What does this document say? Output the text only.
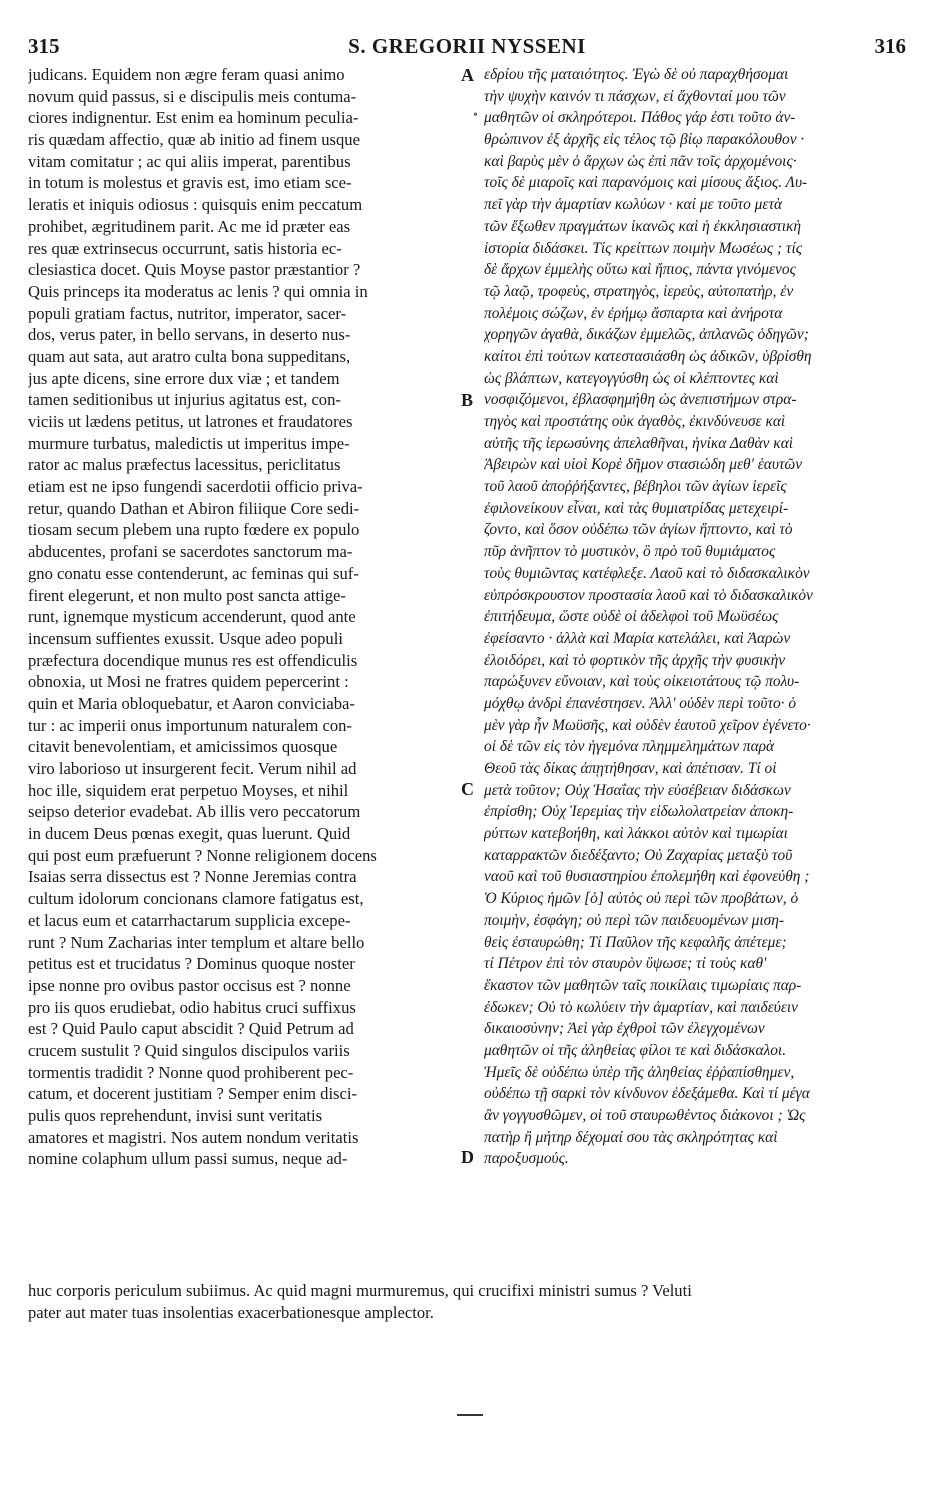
315	S. GREGORII NYSSENI	316
judicans. Equidem non ægre feram quasi animo
novum quid passus, si e discipulis meis contuma-
ciores indignentur. Est enim ea hominum peculia-
ris quædam affectio, quæ ab initio ad finem usque
vitam comitatur ; ac qui aliis imperat, parentibus
in totum is molestus et gravis est, imo etiam sce-
leratis et iniquis odiosus : quisquis enim peccatum
prohibet, ægritudinem parit. Ac me id præter eas
res quæ extrinsecus occurrunt, satis historia ec-
clesiastica docet. Quis Moyse pastor præstantior ?
Quis princeps ita moderatus ac lenis ? qui omnia in
populi gratiam factus, nutritor, imperator, sacer-
dos, verus pater, in bello servans, in deserto nus-
quam aut sata, aut aratro culta bona suppeditans,
jus apte dicens, sine errore dux viæ ; et tandem
tamen seditionibus ut injurius agitatus est, con-
viciis ut lædens petitus, ut latrones et fraudatores
murmure turbatus, maledictis ut imperitus impe-
rator ac malus præfectus lacessitus, periclitatus
etiam est ne ipso fungendi sacerdotii officio priva-
retur, quando Dathan et Abiron filiique Core sedi-
tiosam secum plebem una rupto fœdere ex populo
abducentes, profani se sacerdotes sanctorum ma-
gno conatu esse contenderunt, ac feminas qui suf-
firent elegerunt, et non multo post sancta attige-
runt, ignemque mysticum accenderunt, quod ante
incensum suffientes exussit. Usque adeo populi
præfectura docendique munus res est offendiculis
obnoxia, ut Mosi ne fratres quidem pepercerint :
quin et Maria obloquebatur, et Aaron conviciaba-
tur : ac imperii onus importunum naturalem con-
citavit benevolentiam, et amicissimos quosque
viro laborioso ut insurgerent fecit. Verum nihil ad
hoc ille, siquidem erat perpetuo Moyses, et nihil
seipso deterior evadebat. Ab illis vero peccatorum
in ducem Deus pœnas exegit, quas luerunt. Quid
qui post eum præfuerunt ? Nonne religionem docens
Isaias serra dissectus est ? Nonne Jeremias contra
cultum idolorum concionans clamore fatigatus est,
et lacus eum et catarrhactarum supplicia excepe-
runt ? Num Zacharias inter templum et altare bello
petitus est et trucidatus ? Dominus quoque noster
ipse nonne pro ovibus pastor occisus est ? nonne
pro iis quos erudiebat, odio habitus cruci suffixus
est ? Quid Paulo caput abscidit ? Quid Petrum ad
crucem sustulit ? Quid singulos discipulos variis
tormentis tradidit ? Nonne quod prohiberent pec-
catum, et docerent justitiam ? Semper enim disci-
pulis quos reprehendunt, invisi sunt veritatis
amatores et magistri. Nos autem nondum veritatis
nomine colaphum ullum passi sumus, neque ad-
εδρίου τῆς ματαιότητος. Ἐγὼ δὲ οὐ παραχθήσομαι
τὴν ψυχὴν καινόν τι πάσχων, εἰ ἄχθονταί μου τῶν
μαθητῶν οἱ σκληρότεροι. Πάθος γάρ ἐστι τοῦτο ἀν-
θρώπινον ἐξ ἀρχῆς εἰς τέλος τῷ βίῳ παρακόλουθον ·
καὶ βαρὺς μὲν ὁ ἄρχων ὡς ἐπὶ πᾶν τοῖς ἀρχομένοις·
τοῖς δὲ μιαροῖς καὶ παρανόμοις καὶ μίσους ἄξιος. Λυ-
πεῖ γὰρ τὴν ἁμαρτίαν κωλύων · καί με τοῦτο μετὰ
τῶν ἔξωθεν πραγμάτων ἱκανῶς καὶ ἡ ἐκκλησιαστικὴ
ἱστορία διδάσκει. Τίς κρείττων ποιμὴν Μωσέως ; τίς
δὲ ἄρχων ἐμμελὴς οὕτω καὶ ἤπιος, πάντα γινόμενος
τῷ λαῷ, τροφεὺς, στρατηγὸς, ἱερεὺς, αὐτοπατὴρ, ἐν
πολέμοις σώζων, ἐν ἐρήμῳ ἄσπαρτα καὶ ἀνήροτα
χορηγῶν ἀγαθὰ, δικάζων ἐμμελῶς, ἀπλανῶς ὁδηγῶν;
καίτοι ἐπὶ τούτων κατεστασιάσθη ὡς ἀδικῶν, ὑβρίσθη
ὡς βλάπτων, κατεγογγύσθη ὡς οἱ κλέπτοντες καὶ
νοσφιζόμενοι, ἐβλασφημήθη ὡς ἀνεπιστήμων στρα-
τηγὸς καὶ προστάτης οὐκ ἀγαθὸς, ἐκινδύνευσε καὶ
αὐτῆς τῆς ἱερωσύνης ἀπελαθῆναι, ἡνίκα Δαθὰν καὶ
Ἀβειρὼν καὶ υἱοὶ Κορὲ δῆμον στασιώδη μεθ' ἑαυτῶν
τοῦ λαοῦ ἀποῤῥήξαντες, βέβηλοι τῶν ἁγίων ἱερεῖς
ἐφιλονείκουν εἶναι, καὶ τὰς θυμιατρίδας μετεχειρί-
ζοντο, καὶ ὅσον οὐδέπω τῶν ἁγίων ἥπτοντο, καὶ τὸ
πῦρ ἀνῆπτον τὸ μυστικὸν, ὃ πρὸ τοῦ θυμιάματος
τοὺς θυμιῶντας κατέφλεξε. Λαοῦ καὶ τὸ διδασκαλικὸν
εὐπρόσκρουστον προστασία λαοῦ καὶ τὸ διδασκαλικὸν
ἐπιτήδευμα, ὥστε οὐδὲ οἱ ἀδελφοὶ τοῦ Μωϋσέως
ἐφείσαντο · ἀλλὰ καὶ Μαρία κατελάλει, καὶ Ἀαρὼν
ἐλοιδόρει, καὶ τὸ φορτικὸν τῆς ἀρχῆς τὴν φυσικὴν
παρώξυνεν εὔνοιαν, καὶ τοὺς οἰκειοτάτους τῷ πολυ-
μόχθῳ ἀνδρὶ ἐπανέστησεν. Ἀλλ' οὐδὲν περὶ τοῦτο· ὁ
μὲν γὰρ ἦν Μωϋσῆς, καὶ οὐδὲν ἑαυτοῦ χεῖρον ἐγένετο·
οἱ δὲ τῶν εἰς τὸν ἡγεμόνα πλημμελημάτων παρὰ
Θεοῦ τὰς δίκας ἀπῃτήθησαν, καὶ ἀπέτισαν. Τί οἱ
μετὰ τοῦτον; Οὐχ Ἡσαΐας τὴν εὐσέβειαν διδάσκων
ἐπρίσθη; Οὐχ Ἱερεμίας τὴν εἰδωλολατρείαν ἀποκη-
ρύττων κατεβοήθη, καὶ λάκκοι αὐτὸν καὶ τιμωρίαι
καταρρακτῶν διεδέξαντο; Οὐ Ζαχαρίας μεταξὺ τοῦ
ναοῦ καὶ τοῦ θυσιαστηρίου ἐπολεμήθη καὶ ἐφονεύθη ;
Ὁ Κύριος ἡμῶν [ὁ] αὐτὸς οὐ περὶ τῶν προβάτων, ὁ
ποιμὴν, ἐσφάγη; οὐ περὶ τῶν παιδευομένων μιση-
θεὶς ἐσταυρώθη; Τί Παῦλον τῆς κεφαλῆς ἀπέτεμε;
τί Πέτρον ἐπὶ τὸν σταυρὸν ὕψωσε; τί τοὺς καθ'
ἕκαστον τῶν μαθητῶν ταῖς ποικίλαις τιμωρίαις παρ-
έδωκεν; Οὐ τὸ κωλύειν τὴν ἁμαρτίαν, καὶ παιδεύειν
δικαιοσύνην; Ἀεὶ γὰρ ἐχθροὶ τῶν ἐλεγχομένων
μαθητῶν οἱ τῆς ἀληθείας φίλοι τε καὶ διδάσκαλοι.
Ἡμεῖς δὲ οὐδέπω ὑπὲρ τῆς ἀληθείας ἐῤῥαπίσθημεν,
οὐδέπω τῇ σαρκὶ τὸν κίνδυνον ἐδεξάμεθα. Καὶ τί μέγα
ἂν γογγυσθῶμεν, οἱ τοῦ σταυρωθέντος διάκονοι ; Ὡς
πατὴρ ἢ μήτηρ δέχομαί σου τὰς σκληρότητας καὶ
παροξυσμούς.
A
B
C
D
•
huc corporis periculum subiimus. Ac quid magni murmuremus, qui crucifixi ministri sumus ? Veluti
pater aut mater tuas insolentias exacerbationesque amplector.
